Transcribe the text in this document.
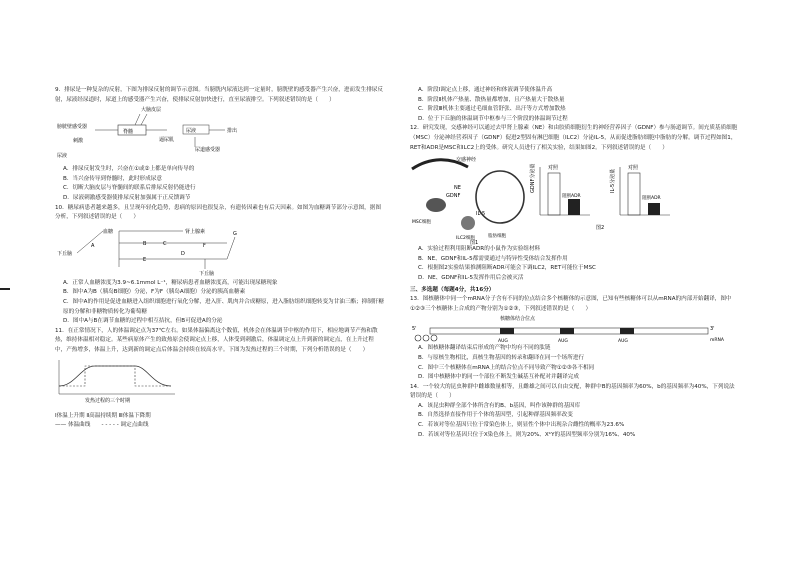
9．排尿是一种复杂的反射，下图为排尿反射的调节示意图。当膀胱内尿液达到一定量时，膀胱壁的感受器产生兴奋，进而发生排尿反射，尿液经尿道时，尿道上的感受器产生兴奋，使排尿反射加快进行，直至尿液排空。下列叙述错误的是（　　）

大脑皮层
脊髓
膀胱壁感受器
刺激
尿液
逼尿肌
尿液	排出
尿道感受器

A．排尿反射发生时，兴奋在①或②上都是单向传导的

B．当兴奋传导到脊髓时，此时形成尿意

C．切断大脑皮层与脊髓间的联系后排尿反射仍能进行

D．尿液刺激感受器使排尿反射加强属于正反馈调节

10．糖尿病患者越来越多，且呈现年轻化趋势，患病的原因也很复杂，有遗传因素也有后天因素。如图为血糖调节部分示意图，据图分析，下列叙述错误的是（　　）

下丘脑
血糖	肾上腺素
下丘脑
B
E
C
D
F
G
A

A．正常人血糖浓度为3.9~6.1mmol L⁻¹，糖尿病患者血糖浓度高，可能出现尿糖现象

B．图中A为B（胰岛B细胞）分泌，F为F（胰岛A细胞）分泌的胰高血糖素

C．图中A的作用是促进血糖进入组织细胞进行氧化分解，进入肝、肌肉并合成糖原，进入脂肪组织细胞转变为甘油三酯；抑制肝糖原的分解和非糖物质转化为葡萄糖

D．图中A与B在调节血糖的过程中相互拮抗，但B可促进A的分泌

11．在正常情况下，人的体温调定点为37℃左右。如果体温偏离这个数值，机体会在体温调节中枢的作用下，相应地调节产热和散热，维持体温相对稳定。某些病原体产生的致热原会使调定点上移，人体受到刺激后，体温调定点上升到新的调定点，在上升过程中，产热增多，体温上升，达到新的调定点后体温会持续在较高水平。下图为发热过程的三个时期，下列分析错误的是（　　）

发热过程的三个时期

Ⅰ体温上升期 Ⅱ高温持续期 Ⅲ体温下降期

—— 体温曲线　　- - - - - 调定点曲线

A．阶段Ⅰ调定点上移，通过神经和体液调节使体温升高

B．阶段Ⅱ机体产热量、散热量都增加，且产热量大于散热量

C．阶段Ⅲ机体主要通过毛细血管舒张、出汗等方式增加散热

D．位于下丘脑的体温调节中枢参与三个阶段的体温调节过程

12．研究发现，交感神经可以通过去甲肾上腺素（NE）和由胶质细胞衍生的神经营养因子（GDNF）参与肠道调节。间充质基质细胞（MSC）分泌神经营养因子（GDNF）促进2型固有淋巴细胞（ILC2）分泌IL-5，从而促进脂肪细胞中脂肪的分解。调节过程如图1，RET和ADR是MSC和ILC2上的受体。研究人员进行了相关实验，结果如图2。下列叙述错误的是（　　）

交感神经
NE
MSC细胞
GDNF
ILC2细胞
IL-5
脂肪细胞
图1
GDNF分泌量 对照
阻断ADR
IL-5分泌量
对照
阻断ADR
图2

A．实验过程利用阻断ADR的小鼠作为实验组材料

B．NE、GDNF和IL-5都需要通过与特异性受体结合发挥作用

C．根据图2实验结果推测阻断ADR可能会下调ILC2，RET可能位于MSC

D．NE、GDNF和IL-5发挥作用后会被灭活

三、多选题（每题4分，共16分）

13．图核糖体中同一个mRNA分子含有不同的位点结合多个核糖体的示意图，已知有些核糖体可以从mRNA的内部开始翻译，图中①②③三个核糖体上合成的产物分别为①②③，下列叙述错误的是（　　）

核糖体结合位点
5'	3'
AUG	AUG	AUG	mRNA

A．图核糖体翻译结束后形成的产物中均有不同的肽链

B．与原核生物相比，真核生物基因的转录和翻译在同一个场所进行

C．图中三个核糖体在mRNA上的结合位点不同导致产物①②③各不相同

D．图中核糖体中的同一个部位不断发生碱基互补配对并翻译完成

14．一个较大的昆虫种群中雌雄数量相等，且雌雄之间可以自由交配，种群中B的基因频率为60%，b的基因频率为40%，下列说法错误的是（　　）

A．该昆虫种群全部个体所含有的B、b基因，叫作该种群的基因库

B．自然选择直接作用于个体的基因型，引起种群基因频率改变

C．若该对等位基因只位于常染色体上，则显性个体中出现杂合雌性的概率为23.6%

D．若该对等位基因只位于X染色体上，则为20%、XᵇY的基因型频率分别为16%、40%
